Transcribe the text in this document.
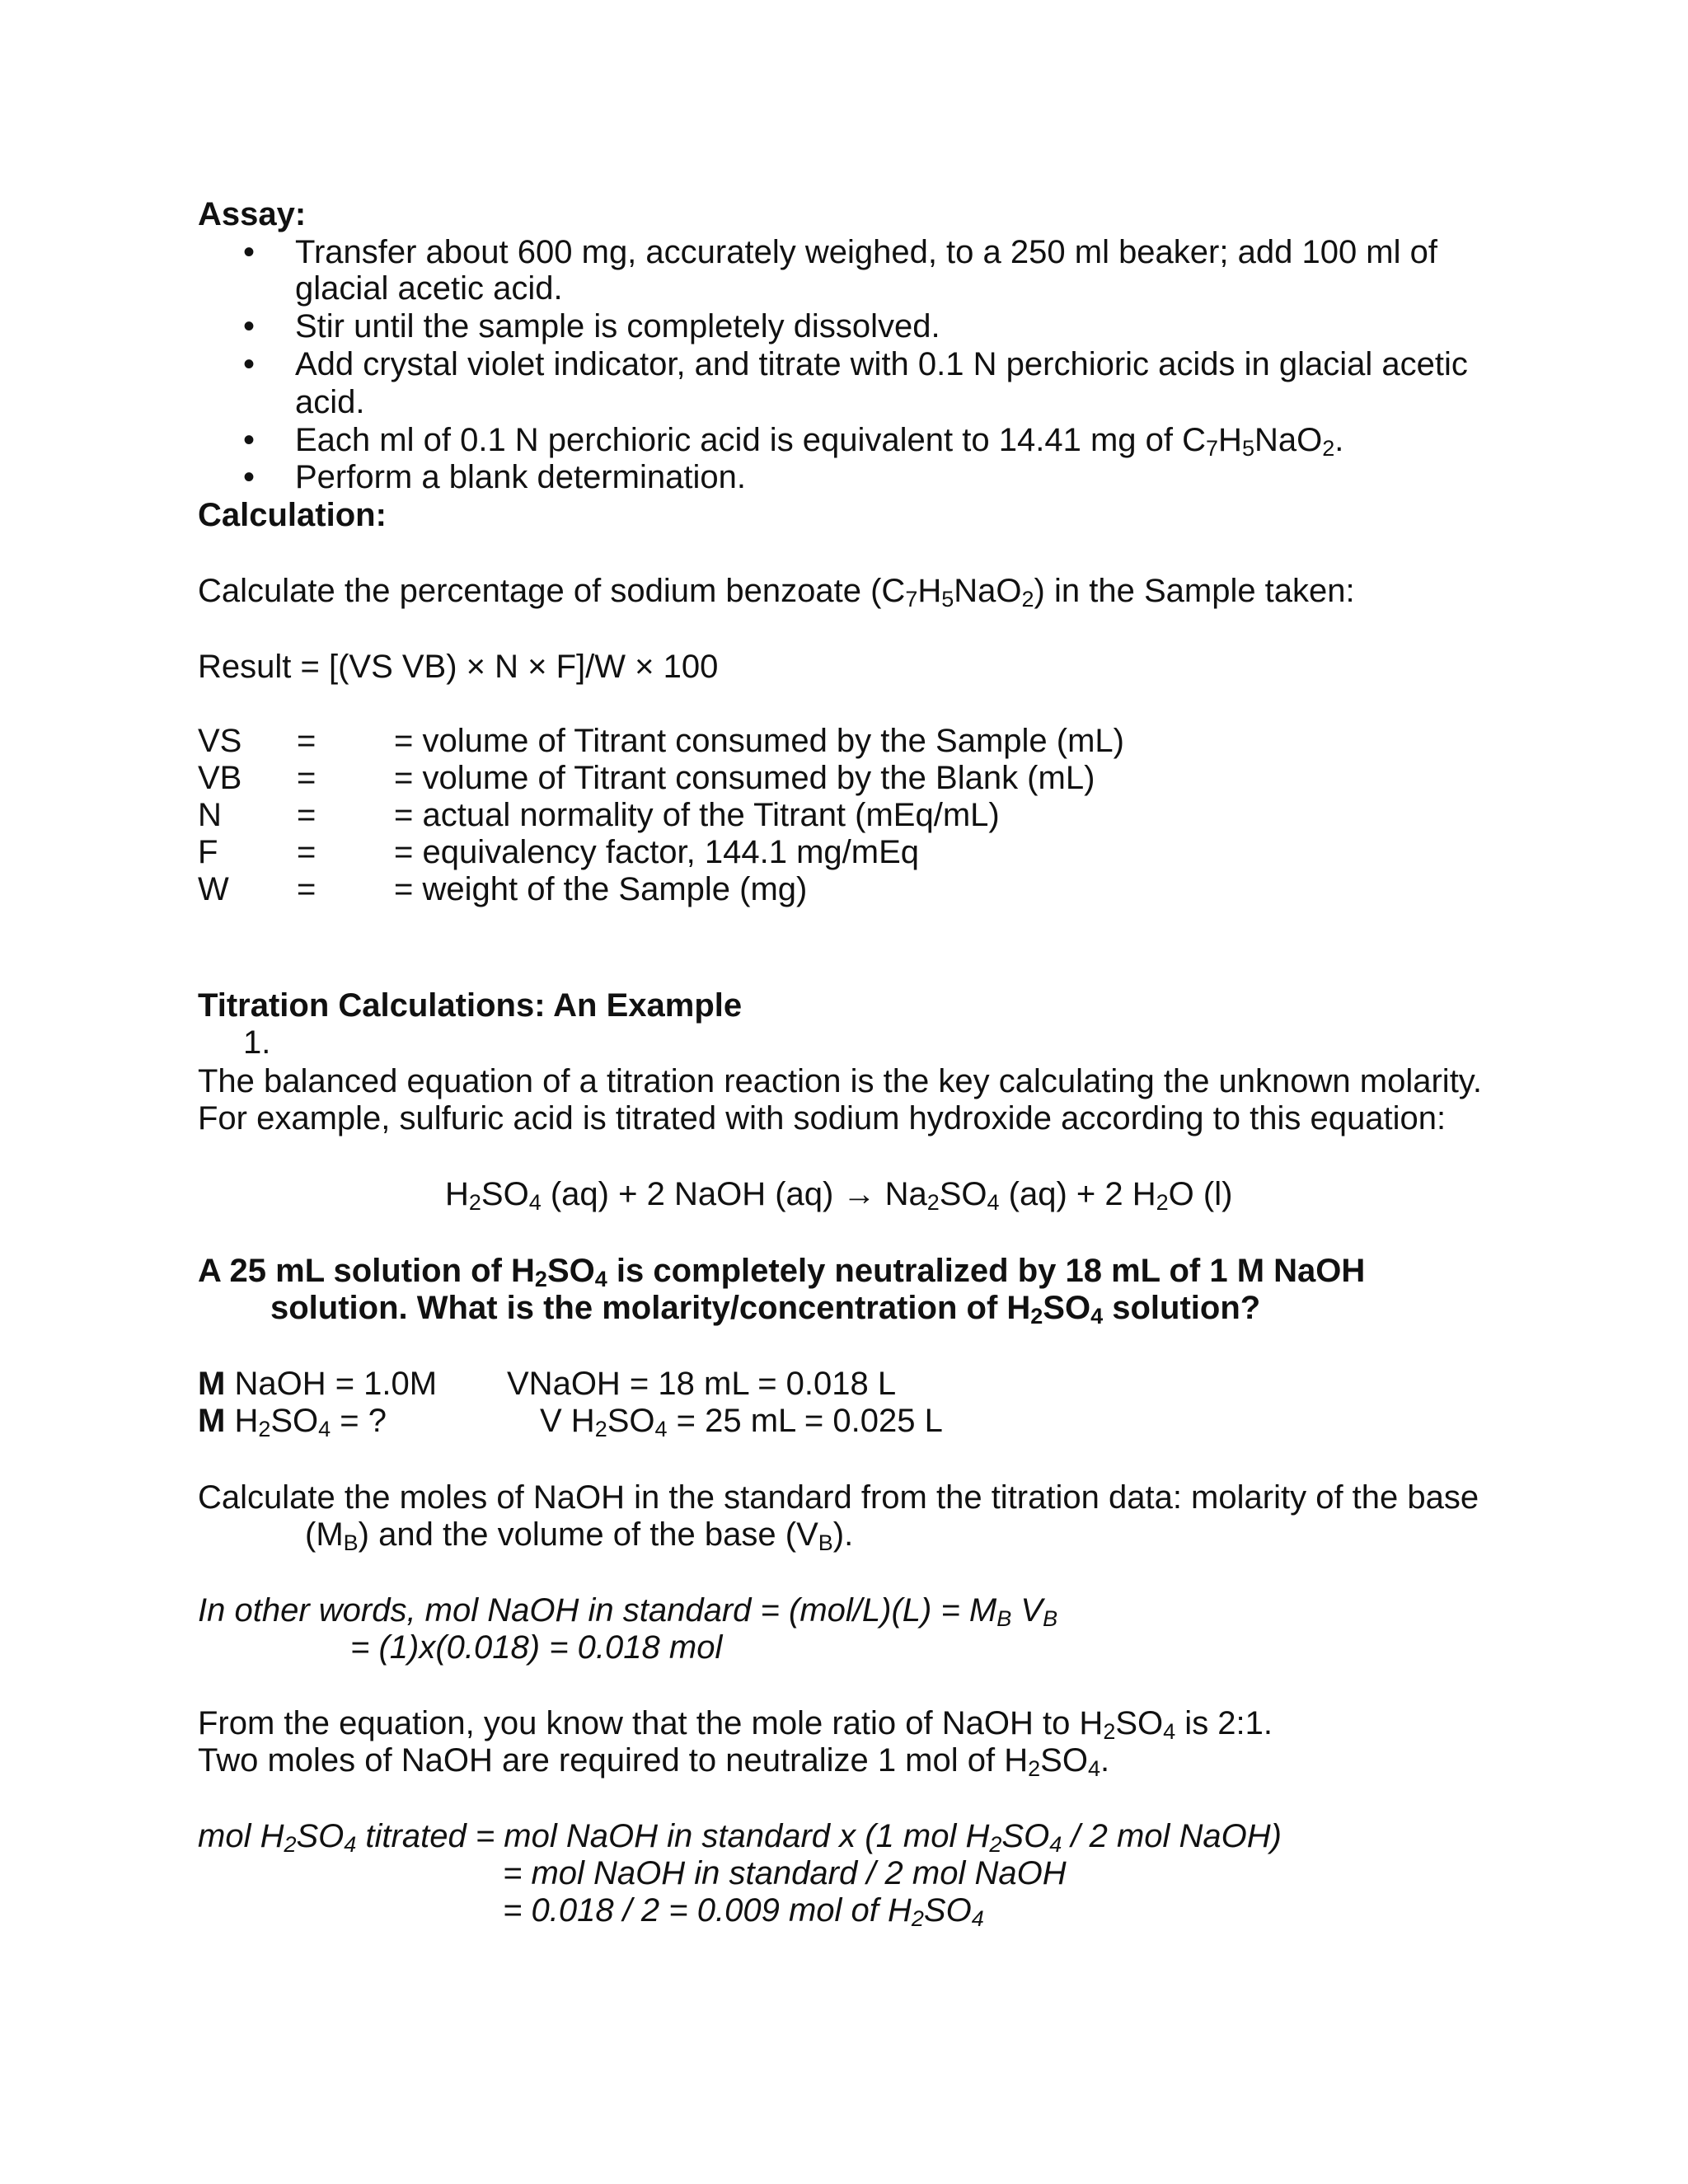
Assay:
• Transfer about 600 mg, accurately weighed, to a 250 ml beaker; add 100 ml of
glacial acetic acid.
• Stir until the sample is completely dissolved.
• Add crystal violet indicator, and titrate with 0.1 N perchioric acids in glacial acetic
acid.
• Each ml of 0.1 N perchioric acid is equivalent to 14.41 mg of $C_7H_5NaO_2$.
• Perform a blank determination.
Calculation:
Calculate the percentage of sodium benzoate $(C_7H_5NaO_2)$ in the Sample taken:
Result = [(VS VB) × N × F]/W × 100
VS = = volume of Titrant consumed by the Sample (mL)
VB = = volume of Titrant consumed by the Blank (mL)
N = = actual normality of the Titrant (mEq/mL)
F = = equivalency factor, 144.1 mg/mEq
W = = weight of the Sample (mg)
Titration Calculations: An Example
1.
The balanced equation of a titration reaction is the key calculating the unknown molarity.
For example, sulfuric acid is titrated with sodium hydroxide according to this equation:
$H_2SO_4$ (aq) + 2 NaOH $(aq) \to Na_2SO_4$ (aq) + 2 $H_2O$ (l)
A 25 mL solution of $H_2SO_4$ is completely neutralized by 18 mL of 1 M NaOH
solution. What is the molarity/concentration of $H_2SO_4$ solution?
M NaOH = 1.0M VNaOH = 18 mL = 0.018 L
M $H_2SO_4$ = ?	V $H_2SO_4 = 25$ mL = 0.025 L
Calculate the moles of NaOH in the standard from the titration data: molarity of the base
$(M_B)$ and the volume of the base $(V_B)$.
In other words, mol NaOH in standard = $(mol/L)(L) = M_B$ $V_B$
= (1)x(0.018) = 0.018 mol
From the equation, you know that the mole ratio of NaOH to $H_2SO_4$ is 2:1.
Two moles of NaOH are required to neutralize 1 mol of $H_2SO_4$.
mol $H_2SO_4$ titrated = mol NaOH in standard x (1 mol $H_2SO_4 / 2$ mol NaOH)
= mol NaOH in standard / 2 mol NaOH
= 0.018 / 2 = 0.009 mol of $H_2SO_4$
